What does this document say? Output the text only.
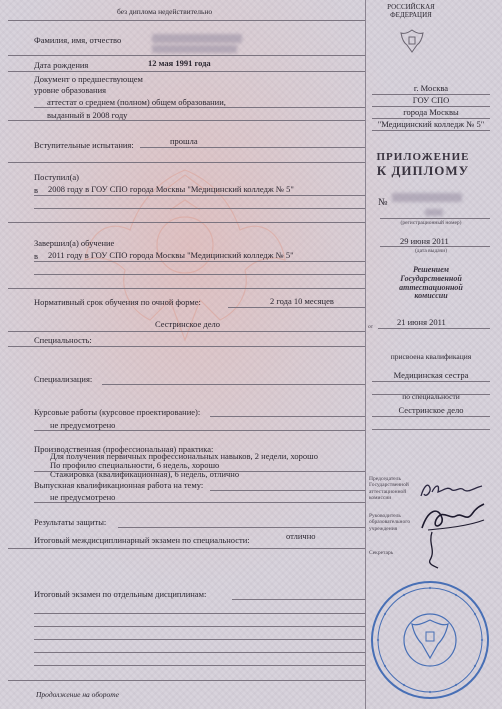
без диплома недействительно	РОССИЙСКАЯ
ФЕДЕРАЦИЯ
Фамилия, имя, отчество
Дата рождения	12 мая 1991 года
Документ о предшествующем
уровне образования
аттестат о среднем (полном) общем образовании,
выданный в 2008 году
Вступительные испытания:	прошла
Поступил(а)
в 2008 году в ГОУ СПО города Москвы "Медицинский колледж № 5"
Завершил(а) обучение
в 2011 году в ГОУ СПО города Москвы "Медицинский колледж № 5"
Нормативный срок обучения по очной форме:	2 года 10 месяцев
Сестринское дело
Специальность:
Специализация:
Курсовые работы (курсовое проектирование):
не предусмотрено
Производственная (профессиональная) практика:
Для получения первичных профессиональных навыков, 2 недели, хорошо
По профилю специальности, 6 недель, хорошо
Стажировка (квалификационная), 6 недель, отлично
Выпускная квалификационная работа на тему:
не предусмотрено
Результаты защиты:
Итоговый междисциплинарный экзамен по специальности:	отлично
Итоговый экзамен по отдельным дисциплинам:
Продолжение на обороте
г. Москва
ГОУ СПО
города Москвы
"Медицинский колледж № 5"
ПРИЛОЖЕНИЕ
К ДИПЛОМУ
№
(регистрационный номер)
29 июня 2011
(дата выдачи)
Решением
Государственной
аттестационной
комиссии
от	21 июня 2011
присвоена квалификация
Медицинская сестра
по специальности
Сестринское дело
Председатель
Государственной
аттестационной
комиссии
Руководитель
образовательного
учреждения
Секретарь
